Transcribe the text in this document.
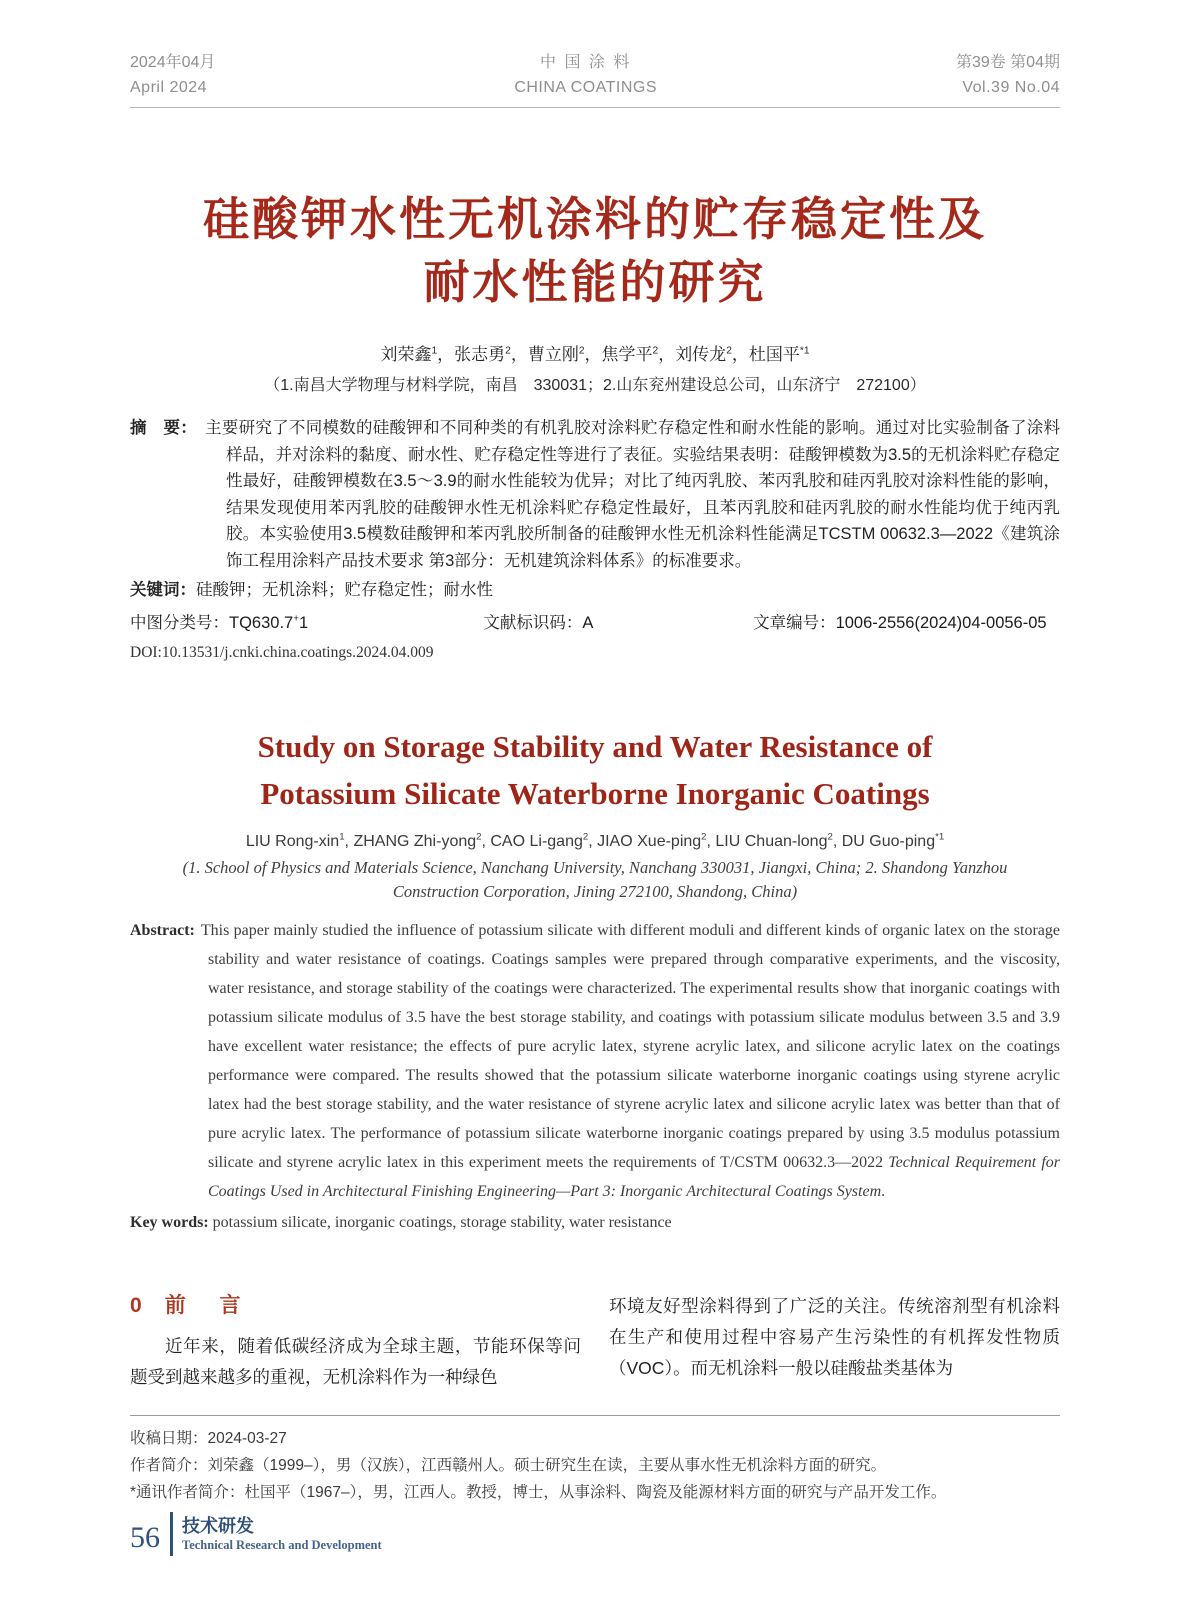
2024年04月
April 2024
中 国 涂 料
CHINA COATINGS
第39卷 第04期
Vol.39 No.04
硅酸钾水性无机涂料的贮存稳定性及
耐水性能的研究
刘荣鑫$^1$，张志勇$^2$，曹立刚$^2$，焦学平$^2$，刘传龙$^2$，杜国平$^{*1}$
（1.南昌大学物理与材料学院，南昌　330031；2.山东兖州建设总公司，山东济宁　272100）
摘　要： 主要研究了不同模数的硅酸钾和不同种类的有机乳胶对涂料贮存稳定性和耐水性能的影响。通过对比实验制备了涂料样品，并对涂料的黏度、耐水性、贮存稳定性等进行了表征。实验结果表明：硅酸钾模数为3.5的无机涂料贮存稳定性最好，硅酸钾模数在3.5～3.9的耐水性能较为优异；对比了纯丙乳胶、苯丙乳胶和硅丙乳胶对涂料性能的影响，结果发现使用苯丙乳胶的硅酸钾水性无机涂料贮存稳定性最好，且苯丙乳胶和硅丙乳胶的耐水性能均优于纯丙乳胶。本实验使用3.5模数硅酸钾和苯丙乳胶所制备的硅酸钾水性无机涂料性能满足TCSTM 00632.3—2022《建筑涂饰工程用涂料产品技术要求 第3部分：无机建筑涂料体系》的标准要求。
关键词：硅酸钾；无机涂料；贮存稳定性；耐水性
中图分类号：TQ630.7+1	文献标识码：A	文章编号：1006-2556(2024)04-0056-05
DOI:10.13531/j.cnki.china.coatings.2024.04.009
Study on Storage Stability and Water Resistance of
Potassium Silicate Waterborne Inorganic Coatings
LIU Rong-xin$^1$, ZHANG Zhi-yong$^2$, CAO Li-gang$^2$, JIAO Xue-ping$^2$, LIU Chuan-long$^2$, DU Guo-ping$^{*1}$
(1. School of Physics and Materials Science, Nanchang University, Nanchang 330031, Jiangxi, China; 2. Shandong Yanzhou Construction Corporation, Jining 272100, Shandong, China)
Abstract: This paper mainly studied the influence of potassium silicate with different moduli and different kinds of organic latex on the storage stability and water resistance of coatings. Coatings samples were prepared through comparative experiments, and the viscosity, water resistance, and storage stability of the coatings were characterized. The experimental results show that inorganic coatings with potassium silicate modulus of 3.5 have the best storage stability, and coatings with potassium silicate modulus between 3.5 and 3.9 have excellent water resistance; the effects of pure acrylic latex, styrene acrylic latex, and silicone acrylic latex on the coatings performance were compared. The results showed that the potassium silicate waterborne inorganic coatings using styrene acrylic latex had the best storage stability, and the water resistance of styrene acrylic latex and silicone acrylic latex was better than that of pure acrylic latex. The performance of potassium silicate waterborne inorganic coatings prepared by using 3.5 modulus potassium silicate and styrene acrylic latex in this experiment meets the requirements of T/CSTM 00632.3—2022 Technical Requirement for Coatings Used in Architectural Finishing Engineering—Part 3: Inorganic Architectural Coatings System.
Key words: potassium silicate, inorganic coatings, storage stability, water resistance
0 前 言

近年来，随着低碳经济成为全球主题，节能环保等问题受到越来越多的重视，无机涂料作为一种绿色

环境友好型涂料得到了广泛的关注。传统溶剂型有机涂料在生产和使用过程中容易产生污染性的有机挥发性物质（VOC）。而无机涂料一般以硅酸盐类基体为

收稿日期：2024-03-27
作者简介：刘荣鑫（1999–），男（汉族），江西赣州人。硕士研究生在读，主要从事水性无机涂料方面的研究。
*通讯作者简介：杜国平（1967–），男，江西人。教授，博士，从事涂料、陶瓷及能源材料方面的研究与产品开发工作。
56 技术研发
Technical Research and Development
